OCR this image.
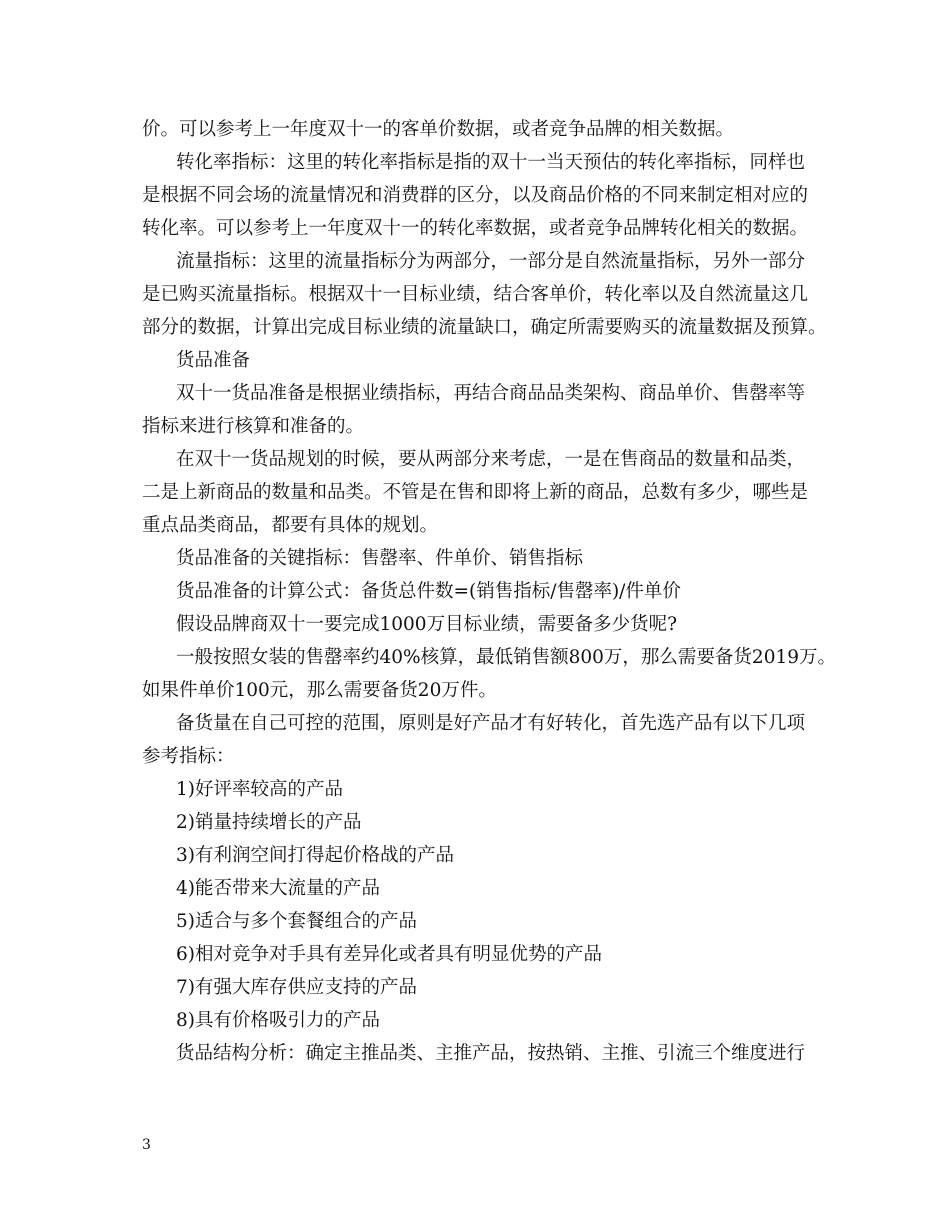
价。可以参考上一年度双十一的客单价数据，或者竞争品牌的相关数据。
转化率指标：这里的转化率指标是指的双十一当天预估的转化率指标，同样也
是根据不同会场的流量情况和消费群的区分，以及商品价格的不同来制定相对应的
转化率。可以参考上一年度双十一的转化率数据，或者竞争品牌转化相关的数据。
流量指标：这里的流量指标分为两部分，一部分是自然流量指标，另外一部分
是已购买流量指标。根据双十一目标业绩，结合客单价，转化率以及自然流量这几
部分的数据，计算出完成目标业绩的流量缺口，确定所需要购买的流量数据及预算。
货品准备
双十一货品准备是根据业绩指标，再结合商品品类架构、商品单价、售罄率等
指标来进行核算和准备的。
在双十一货品规划的时候，要从两部分来考虑，一是在售商品的数量和品类，
二是上新商品的数量和品类。不管是在售和即将上新的商品，总数有多少，哪些是
重点品类商品，都要有具体的规划。
货品准备的关键指标：售罄率、件单价、销售指标
货品准备的计算公式：备货总件数=(销售指标/售罄率)/件单价
假设品牌商双十一要完成1000万目标业绩，需要备多少货呢?
一般按照女装的售罄率约40%核算，最低销售额800万，那么需要备货2019万。
如果件单价100元，那么需要备货20万件。
备货量在自己可控的范围，原则是好产品才有好转化，首先选产品有以下几项
参考指标：
1)好评率较高的产品
2)销量持续增长的产品
3)有利润空间打得起价格战的产品
4)能否带来大流量的产品
5)适合与多个套餐组合的产品
6)相对竞争对手具有差异化或者具有明显优势的产品
7)有强大库存供应支持的产品
8)具有价格吸引力的产品
货品结构分析：确定主推品类、主推产品，按热销、主推、引流三个维度进行
3
